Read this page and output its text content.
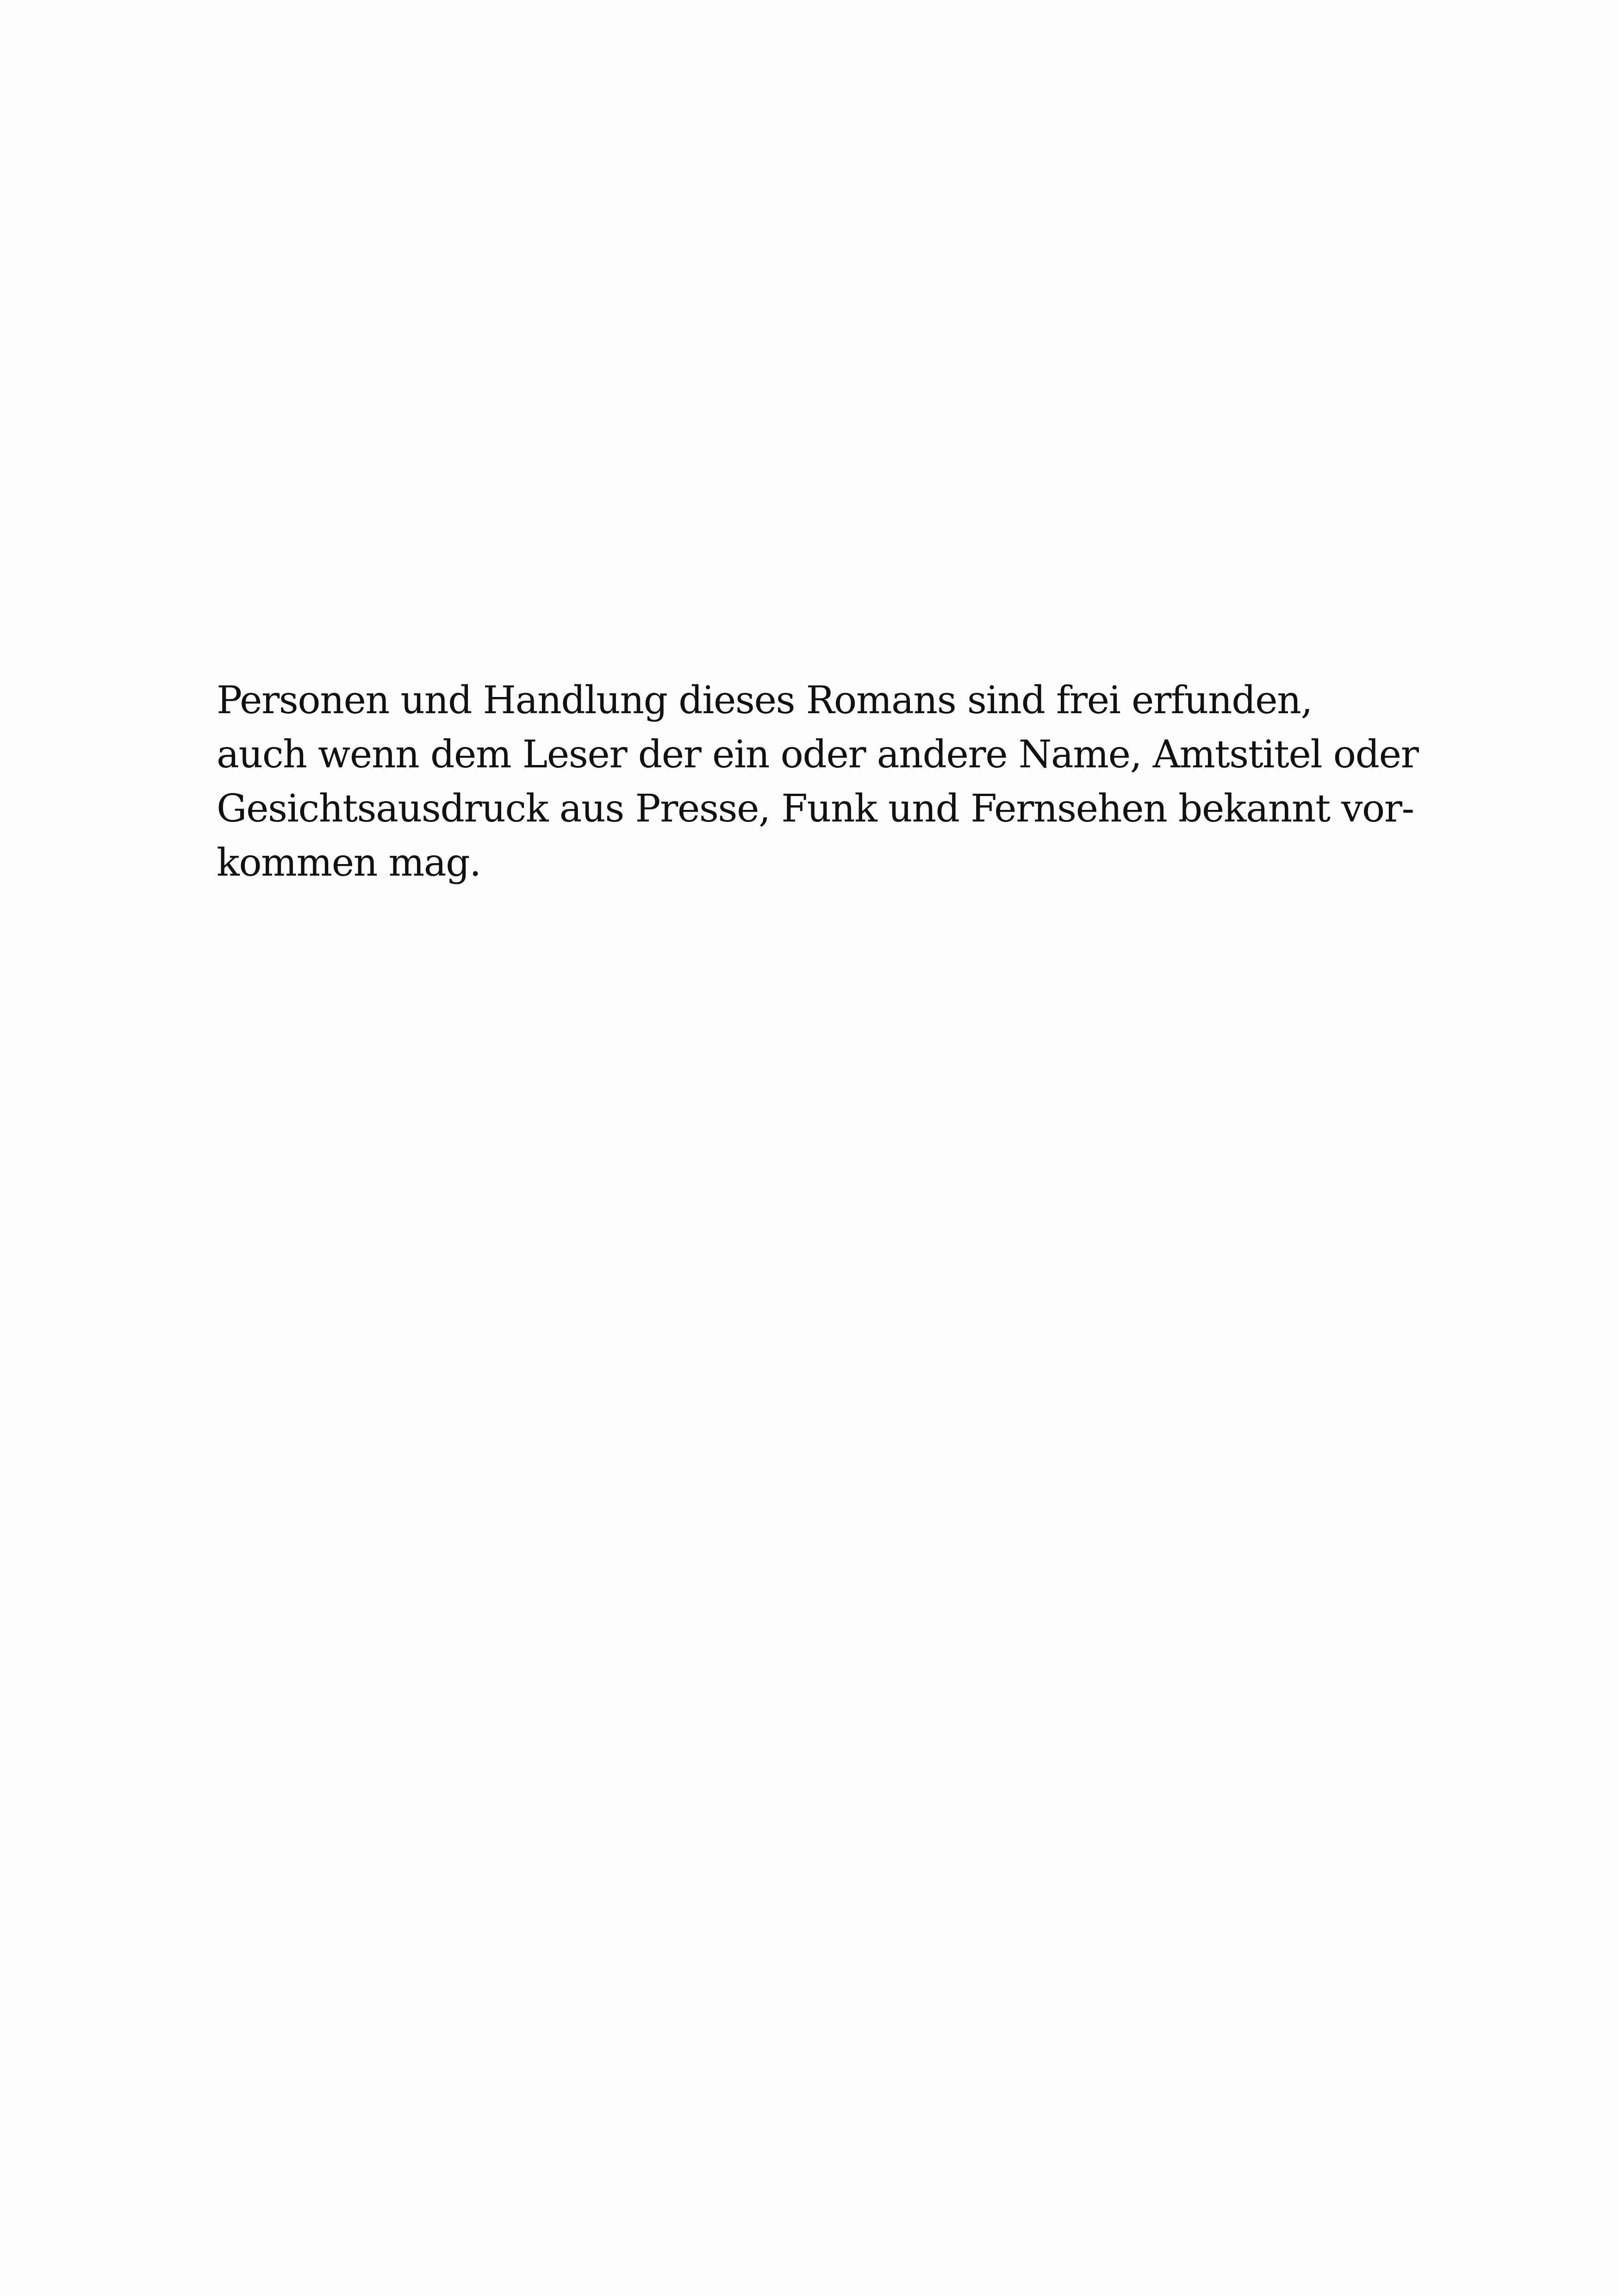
Personen und Handlung dieses Romans sind frei erfunden,
auch wenn dem Leser der ein oder andere Name, Amtstitel oder
Gesichtsausdruck aus Presse, Funk und Fernsehen bekannt vor-
kommen mag.
